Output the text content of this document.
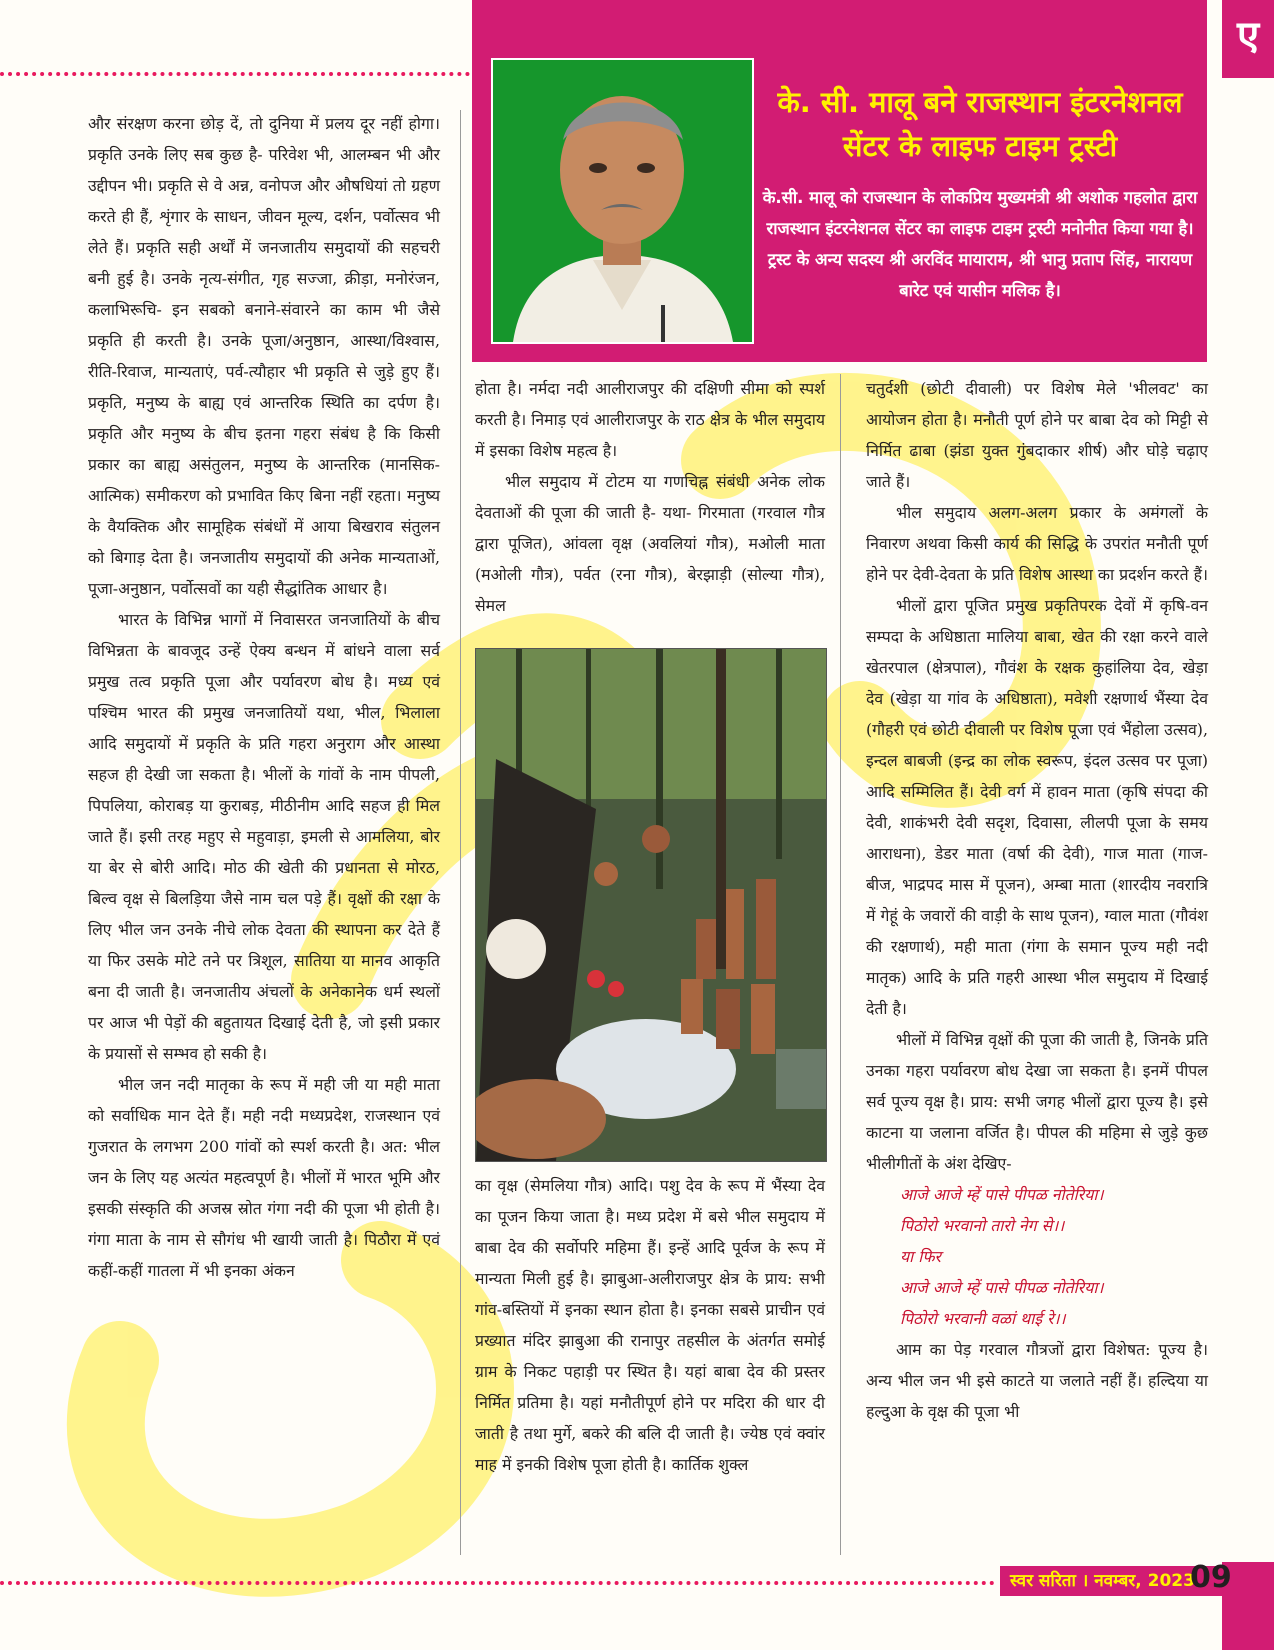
ए
के. सी. मालू बने राजस्थान इंटरनेशनल सेंटर के लाइफ टाइम ट्रस्टी

के.सी. मालू को राजस्थान के लोकप्रिय मुख्यमंत्री श्री अशोक गहलोत द्वारा राजस्थान इंटरनेशनल सेंटर का लाइफ टाइम ट्रस्टी मनोनीत किया गया है। ट्रस्ट के अन्य सदस्य श्री अरविंद मायाराम, श्री भानु प्रताप सिंह, नारायण बारेट एवं यासीन मलिक है।

और संरक्षण करना छोड़ दें, तो दुनिया में प्रलय दूर नहीं होगा। प्रकृति उनके लिए सब कुछ है- परिवेश भी, आलम्बन भी और उद्दीपन भी। प्रकृति से वे अन्न, वनोपज और औषधियां तो ग्रहण करते ही हैं, शृंगार के साधन, जीवन मूल्य, दर्शन, पर्वोत्सव भी लेते हैं। प्रकृति सही अर्थों में जनजातीय समुदायों की सहचरी बनी हुई है। उनके नृत्य-संगीत, गृह सज्जा, क्रीड़ा, मनोरंजन, कलाभिरूचि- इन सबको बनाने-संवारने का काम भी जैसे प्रकृति ही करती है। उनके पूजा/अनुष्ठान, आस्था/विश्वास, रीति-रिवाज, मान्यताएं, पर्व-त्यौहार भी प्रकृति से जुड़े हुए हैं। प्रकृति, मनुष्य के बाह्य एवं आन्तरिक स्थिति का दर्पण है। प्रकृति और मनुष्य के बीच इतना गहरा संबंध है कि किसी प्रकार का बाह्य असंतुलन, मनुष्य के आन्तरिक (मानसिक-आत्मिक) समीकरण को प्रभावित किए बिना नहीं रहता। मनुष्य के वैयक्तिक और सामूहिक संबंधों में आया बिखराव संतुलन को बिगाड़ देता है। जनजातीय समुदायों की अनेक मान्यताओं, पूजा-अनुष्ठान, पर्वोत्सवों का यही सैद्धांतिक आधार है।

भारत के विभिन्न भागों में निवासरत जनजातियों के बीच विभिन्नता के बावजूद उन्हें ऐक्य बन्धन में बांधने वाला सर्व प्रमुख तत्व प्रकृति पूजा और पर्यावरण बोध है। मध्य एवं पश्चिम भारत की प्रमुख जनजातियों यथा, भील, भिलाला आदि समुदायों में प्रकृति के प्रति गहरा अनुराग और आस्था सहज ही देखी जा सकता है। भीलों के गांवों के नाम पीपली, पिपलिया, कोराबड़ या कुराबड़, मीठीनीम आदि सहज ही मिल जाते हैं। इसी तरह महुए से महुवाड़ा, इमली से आमलिया, बोर या बेर से बोरी आदि। मोठ की खेती की प्रधानता से मोरठ, बिल्व वृक्ष से बिलड़िया जैसे नाम चल पड़े हैं। वृक्षों की रक्षा के लिए भील जन उनके नीचे लोक देवता की स्थापना कर देते हैं या फिर उसके मोटे तने पर त्रिशूल, सातिया या मानव आकृति बना दी जाती है। जनजातीय अंचलों के अनेकानेक धर्म स्थलों पर आज भी पेड़ों की बहुतायत दिखाई देती है, जो इसी प्रकार के प्रयासों से सम्भव हो सकी है।

भील जन नदी मातृका के रूप में मही जी या मही माता को सर्वाधिक मान देते हैं। मही नदी मध्यप्रदेश, राजस्थान एवं गुजरात के लगभग 200 गांवों को स्पर्श करती है। अत: भील जन के लिए यह अत्यंत महत्वपूर्ण है। भीलों में भारत भूमि और इसकी संस्कृति की अजस्र स्रोत गंगा नदी की पूजा भी होती है। गंगा माता के नाम से सौगंध भी खायी जाती है। पिठौरा में एवं कहीं-कहीं गातला में भी इनका अंकन

होता है। नर्मदा नदी आलीराजपुर की दक्षिणी सीमा को स्पर्श करती है। निमाड़ एवं आलीराजपुर के राठ क्षेत्र के भील समुदाय में इसका विशेष महत्व है।

भील समुदाय में टोटम या गणचिह्न संबंधी अनेक लोक देवताओं की पूजा की जाती है- यथा- गिरमाता (गरवाल गौत्र द्वारा पूजित), आंवला वृक्ष (अवलियां गौत्र), मओली माता (मओली गौत्र), पर्वत (रना गौत्र), बेरझाड़ी (सोल्या गौत्र), सेमल

का वृक्ष (सेमलिया गौत्र) आदि। पशु देव के रूप में भैंस्या देव का पूजन किया जाता है। मध्य प्रदेश में बसे भील समुदाय में बाबा देव की सर्वोपरि महिमा हैं। इन्हें आदि पूर्वज के रूप में मान्यता मिली हुई है। झाबुआ-अलीराजपुर क्षेत्र के प्राय: सभी गांव-बस्तियों में इनका स्थान होता है। इनका सबसे प्राचीन एवं प्रख्यात मंदिर झाबुआ की रानापुर तहसील के अंतर्गत समोई ग्राम के निकट पहाड़ी पर स्थित है। यहां बाबा देव की प्रस्तर निर्मित प्रतिमा है। यहां मनौतीपूर्ण होने पर मदिरा की धार दी जाती है तथा मुर्गे, बकरे की बलि दी जाती है। ज्येष्ठ एवं क्वांर माह में इनकी विशेष पूजा होती है। कार्तिक शुक्ल

चतुर्दशी (छोटी दीवाली) पर विशेष मेले 'भीलवट' का आयोजन होता है। मनौती पूर्ण होने पर बाबा देव को मिट्टी से निर्मित ढाबा (झंडा युक्त गुंबदाकार शीर्ष) और घोड़े चढ़ाए जाते हैं।

भील समुदाय अलग-अलग प्रकार के अमंगलों के निवारण अथवा किसी कार्य की सिद्धि के उपरांत मनौती पूर्ण होने पर देवी-देवता के प्रति विशेष आस्था का प्रदर्शन करते हैं।

भीलों द्वारा पूजित प्रमुख प्रकृतिपरक देवों में कृषि-वन सम्पदा के अधिष्ठाता मालिया बाबा, खेत की रक्षा करने वाले खेतरपाल (क्षेत्रपाल), गौवंश के रक्षक कुहांलिया देव, खेड़ा देव (खेड़ा या गांव के अधिष्ठाता), मवेशी रक्षणार्थ भैंस्या देव (गौहरी एवं छोटी दीवाली पर विशेष पूजा एवं भैंहोला उत्सव), इन्दल बाबजी (इन्द्र का लोक स्वरूप, इंदल उत्सव पर पूजा) आदि सम्मिलित हैं। देवी वर्ग में हावन माता (कृषि संपदा की देवी, शाकंभरी देवी सदृश, दिवासा, लीलपी पूजा के समय आराधना), डेडर माता (वर्षा की देवी), गाज माता (गाज-बीज, भाद्रपद मास में पूजन), अम्बा माता (शारदीय नवरात्रि में गेहूं के जवारों की वाड़ी के साथ पूजन), ग्वाल माता (गौवंश की रक्षणार्थ), मही माता (गंगा के समान पूज्य मही नदी मातृक) आदि के प्रति गहरी आस्था भील समुदाय में दिखाई देती है।

भीलों में विभिन्न वृक्षों की पूजा की जाती है, जिनके प्रति उनका गहरा पर्यावरण बोध देखा जा सकता है। इनमें पीपल सर्व पूज्य वृक्ष है। प्राय: सभी जगह भीलों द्वारा पूज्य है। इसे काटना या जलाना वर्जित है। पीपल की महिमा से जुड़े कुछ भीलीगीतों के अंश देखिए-

आजे आजे म्हें पासे पीपळ नोतेरिया।

पिठोरो भरवानो तारो नेग से।।

या फिर

आजे आजे म्हें पासे पीपळ नोतेरिया।

पिठोरो भरवानी वळां थाई रे।।

आम का पेड़ गरवाल गौत्रजों द्वारा विशेषत: पूज्य है। अन्य भील जन भी इसे काटते या जलाते नहीं हैं। हल्दिया या हल्दुआ के वृक्ष की पूजा भी

स्वर सरिता । नवम्बर, 2023
09
